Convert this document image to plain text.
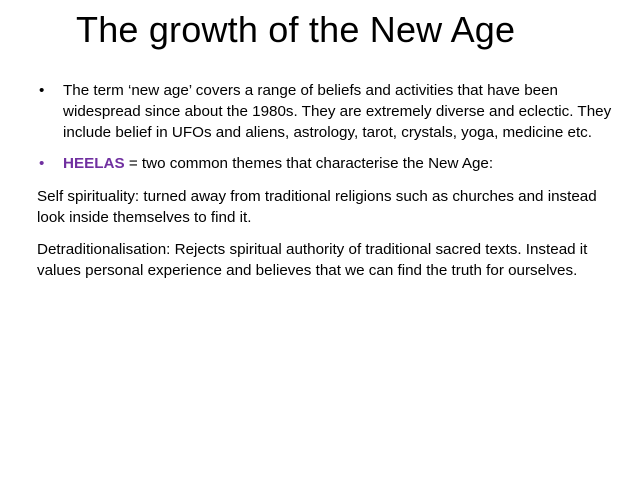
The growth of the New Age

• The term ‘new age’ covers a range of beliefs and activities that have been widespread since about the 1980s. They are extremely diverse and eclectic. They include belief in UFOs and aliens, astrology, tarot, crystals, yoga, medicine etc.

• HEELAS = two common themes that characterise the New Age:

Self spirituality: turned away from traditional religions such as churches and instead look inside themselves to find it.

Detraditionalisation: Rejects spiritual authority of traditional sacred texts. Instead it values personal experience and believes that we can find the truth for ourselves.
